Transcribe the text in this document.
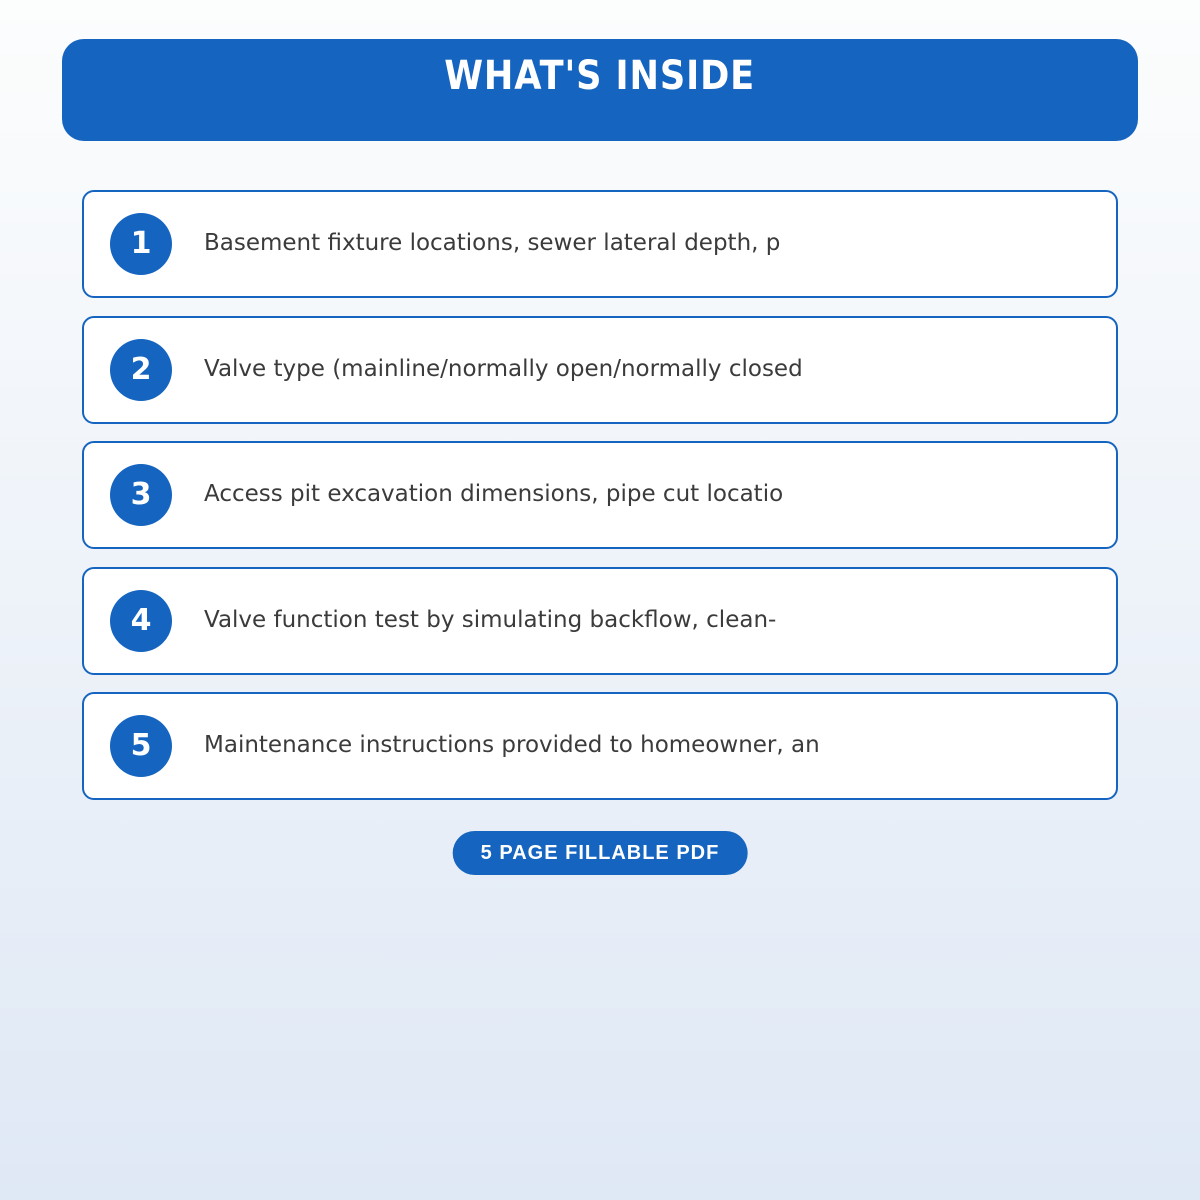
WHAT'S INSIDE
1	Basement fixture locations, sewer lateral depth, p
2	Valve type (mainline/normally open/normally closed
3	Access pit excavation dimensions, pipe cut locatio
4	Valve function test by simulating backflow, clean-
5	Maintenance instructions provided to homeowner, an
5 PAGE FILLABLE PDF
